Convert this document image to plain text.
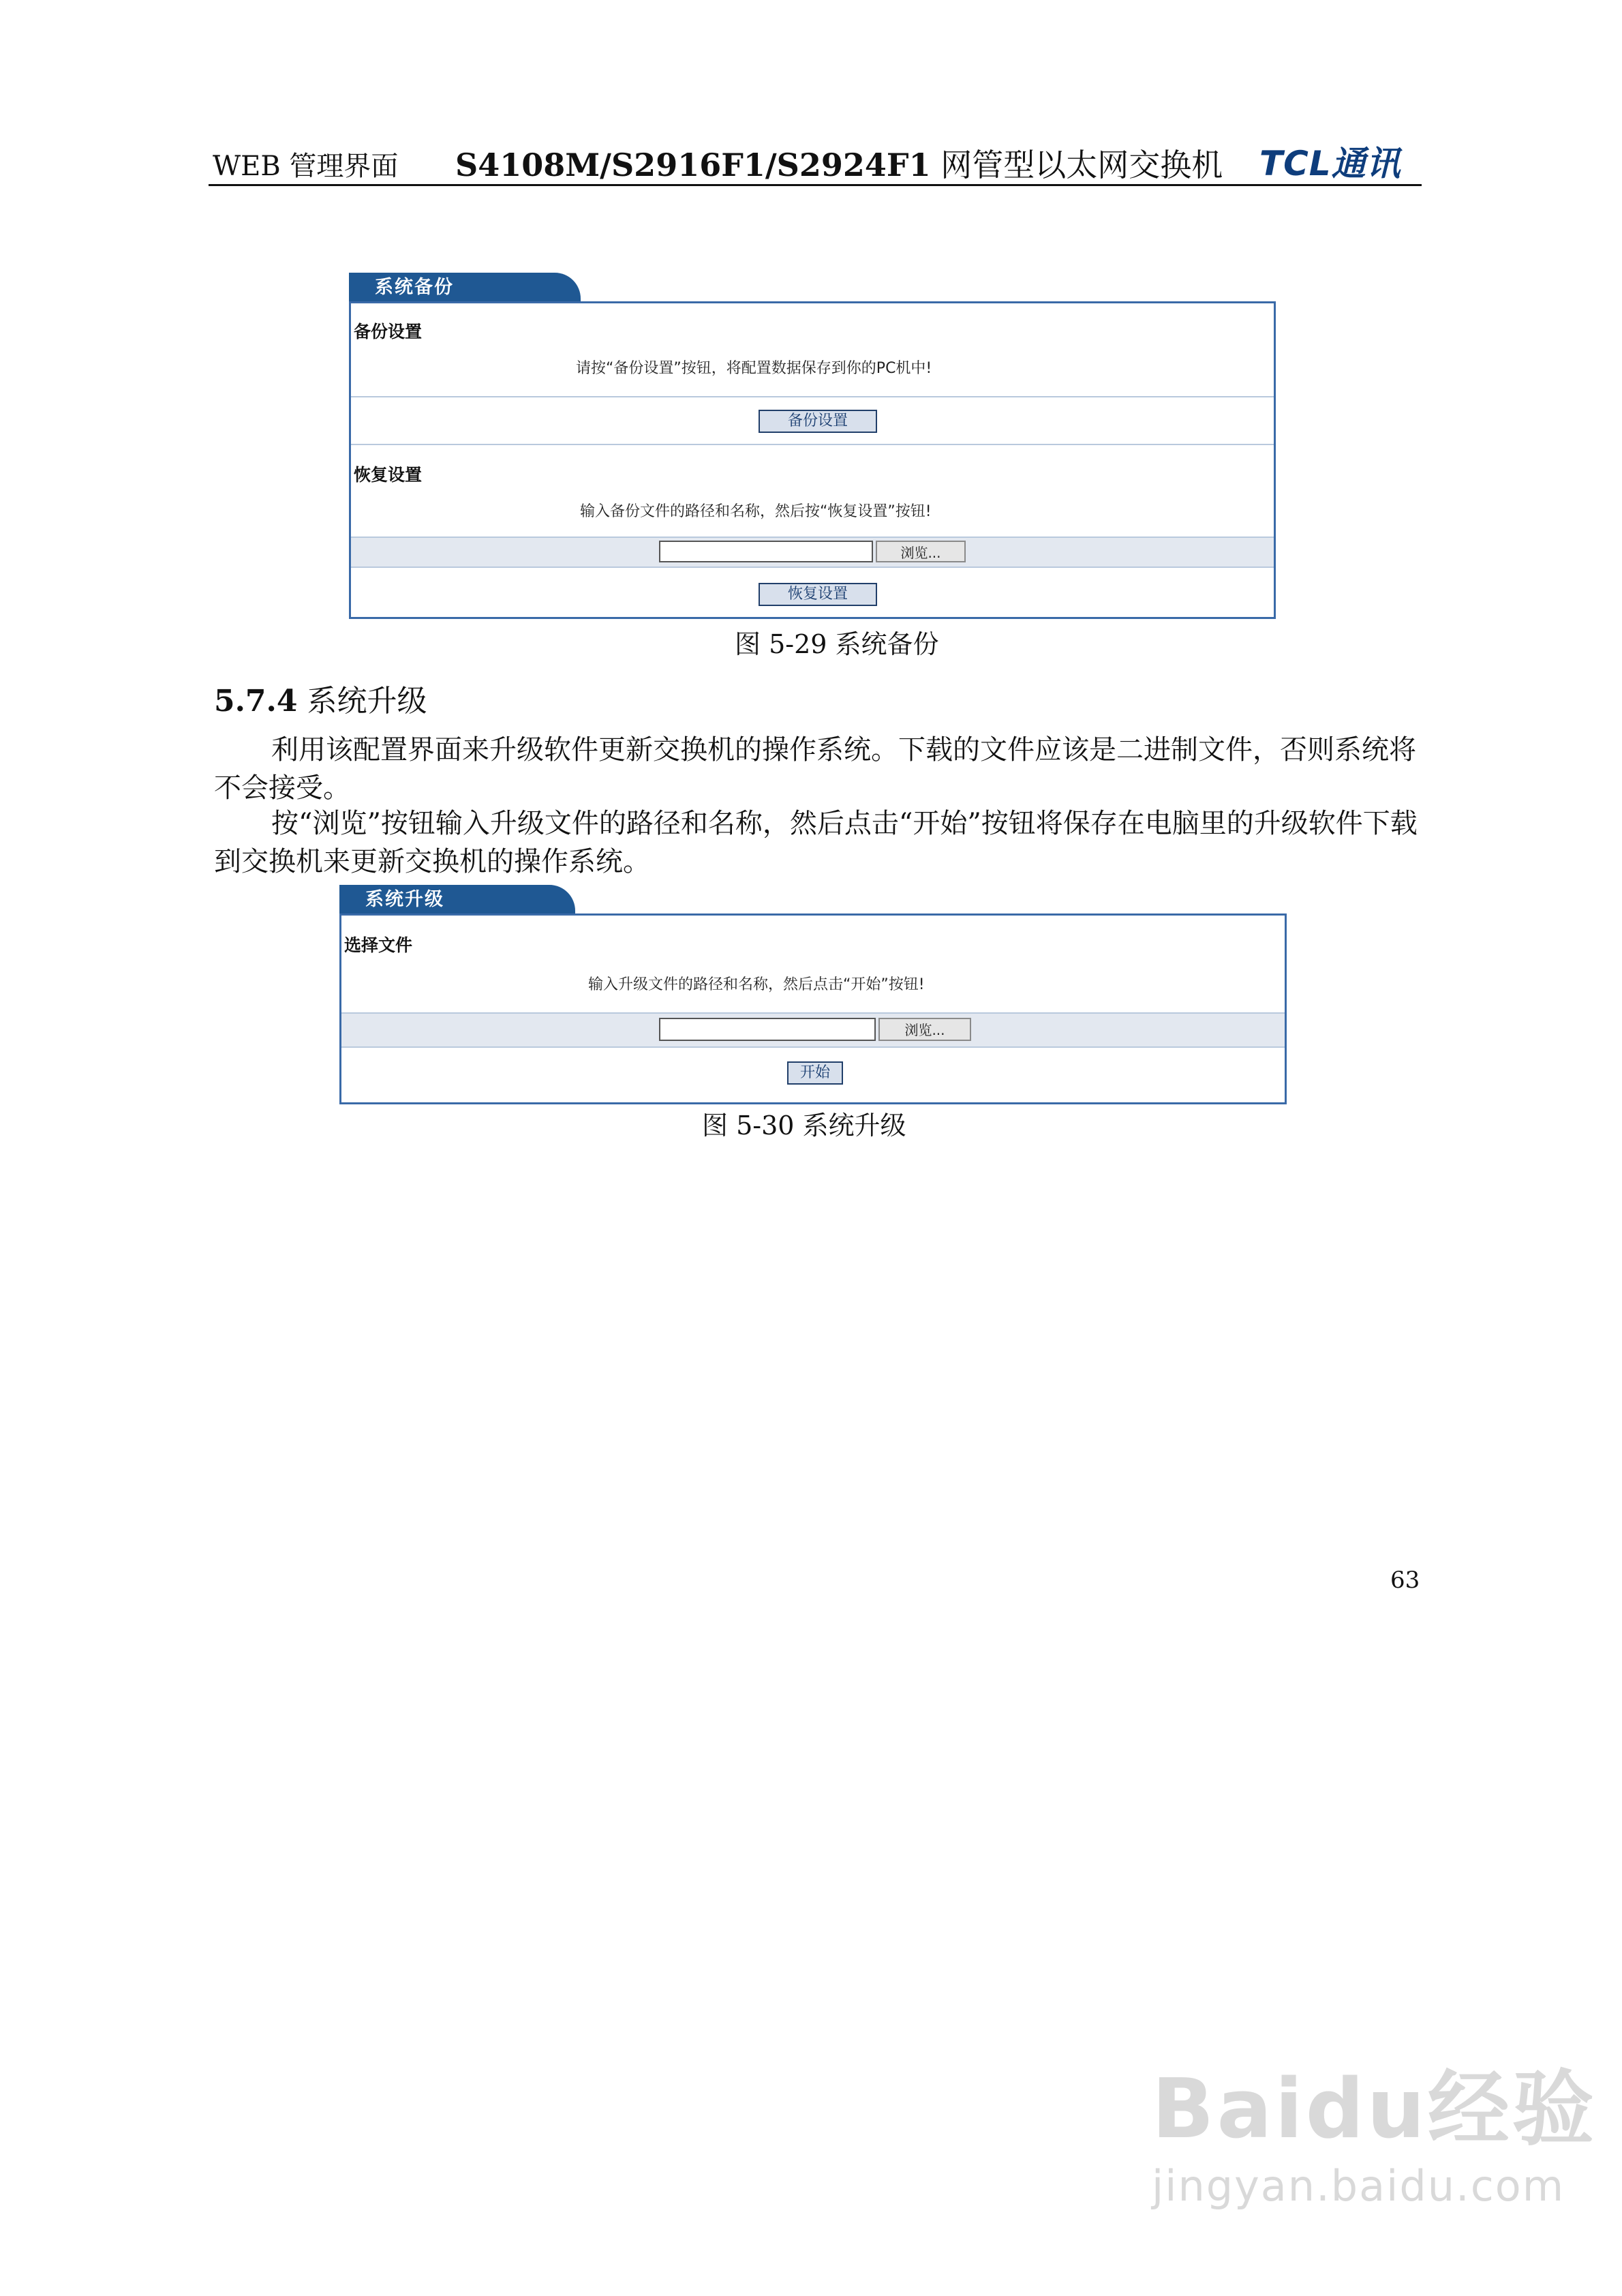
WEB 管理界面 S4108M/S2916F1/S2924F1 网管型以太网交换机 TCL通讯
系统备份
备份设置
请按“备份设置”按钮，将配置数据保存到你的PC机中!
备份设置
恢复设置
输入备份文件的路径和名称，然后按“恢复设置”按钮!
浏览...
恢复设置
图 5-29 系统备份
5.7.4 系统升级
利用该配置界面来升级软件更新交换机的操作系统。下载的文件应该是二进制文件，否则系统将不会接受。
按“浏览”按钮输入升级文件的路径和名称，然后点击“开始”按钮将保存在电脑里的升级软件下载到交换机来更新交换机的操作系统。
系统升级
选择文件
输入升级文件的路径和名称，然后点击“开始”按钮!
浏览...
开始
图 5-30 系统升级
63
Baidu经验
jingyan.baidu.com
